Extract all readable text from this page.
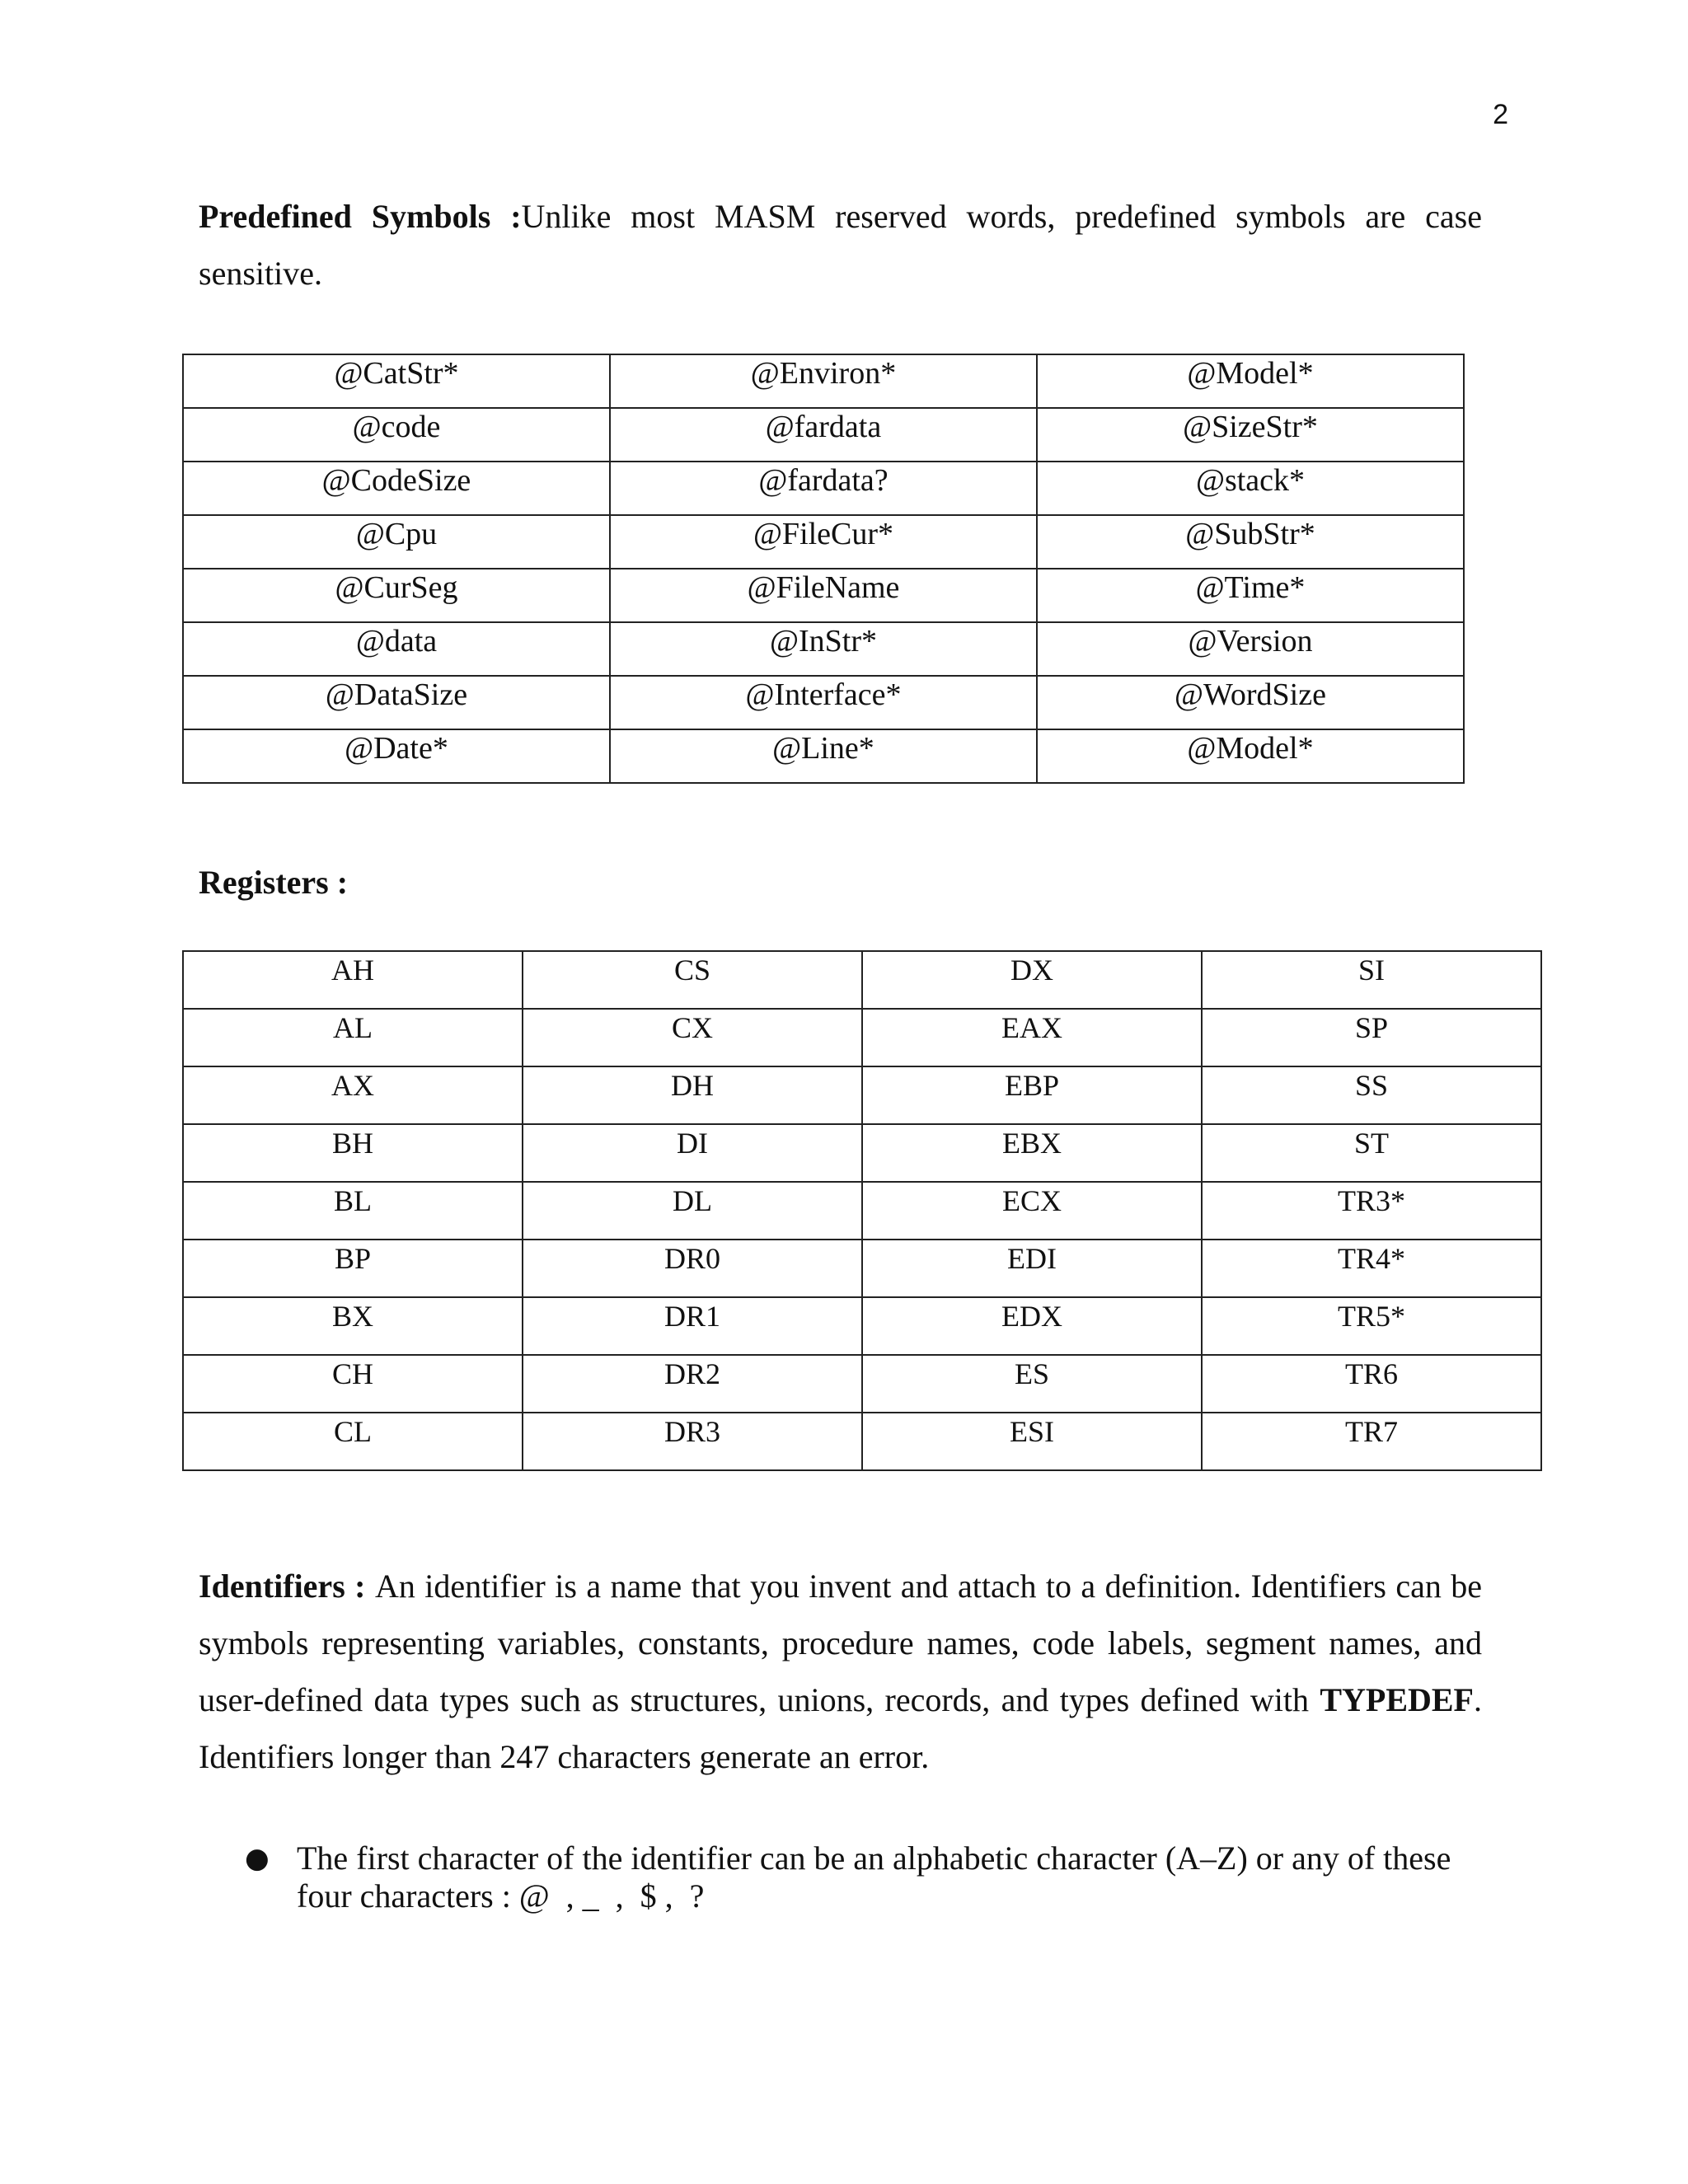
2

Predefined Symbols :Unlike most MASM reserved words, predefined symbols are case sensitive.

@CatStr*	@Environ*	@Model*
@code	@fardata	@SizeStr*
@CodeSize	@fardata?	@stack*
@Cpu	@FileCur*	@SubStr*
@CurSeg	@FileName	@Time*
@data	@InStr*	@Version
@DataSize	@Interface*	@WordSize
@Date*	@Line*	@Model*
Registers :
AH	CS	DX	SI
AL	CX	EAX	SP
AX	DH	EBP	SS
BH	DI	EBX	ST
BL	DL	ECX	TR3*
BP	DR0	EDI	TR4*
BX	DR1	EDX	TR5*
CH	DR2	ES	TR6
CL	DR3	ESI	TR7

Identifiers : An identifier is a name that you invent and attach to a definition. Identifiers can be symbols representing variables, constants, procedure names, code labels, segment names, and user-defined data types such as structures, unions, records, and types defined with TYPEDEF. Identifiers longer than 247 characters generate an error.

● The first character of the identifier can be an alphabetic character (A–Z) or any of these
four characters : @  , _  ,  $ ,  ?
